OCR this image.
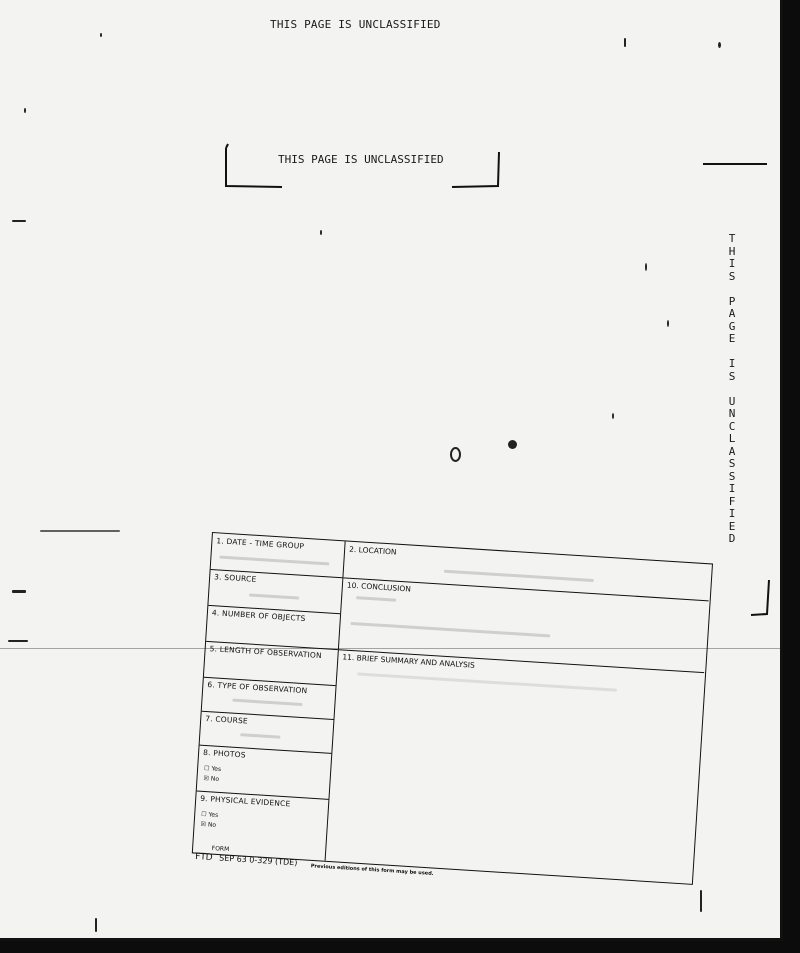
THIS PAGE IS UNCLASSIFIED
THIS PAGE IS UNCLASSIFIED
T
H
I
S

P
A
G
E

I
S

U
N
C
L
A
S
S
I
F
I
E
D
1. DATE - TIME GROUP
3. SOURCE
4. NUMBER OF OBJECTS
5. LENGTH OF OBSERVATION
6. TYPE OF OBSERVATION
7. COURSE
8. PHOTOS
☐ Yes
☒ No
9. PHYSICAL EVIDENCE
☐ Yes
☒ No
2. LOCATION
10. CONCLUSION
11. BRIEF SUMMARY AND ANALYSIS
FORM
FTD SEP 63 0-329 (TDE)
Previous editions of this form may be used.
